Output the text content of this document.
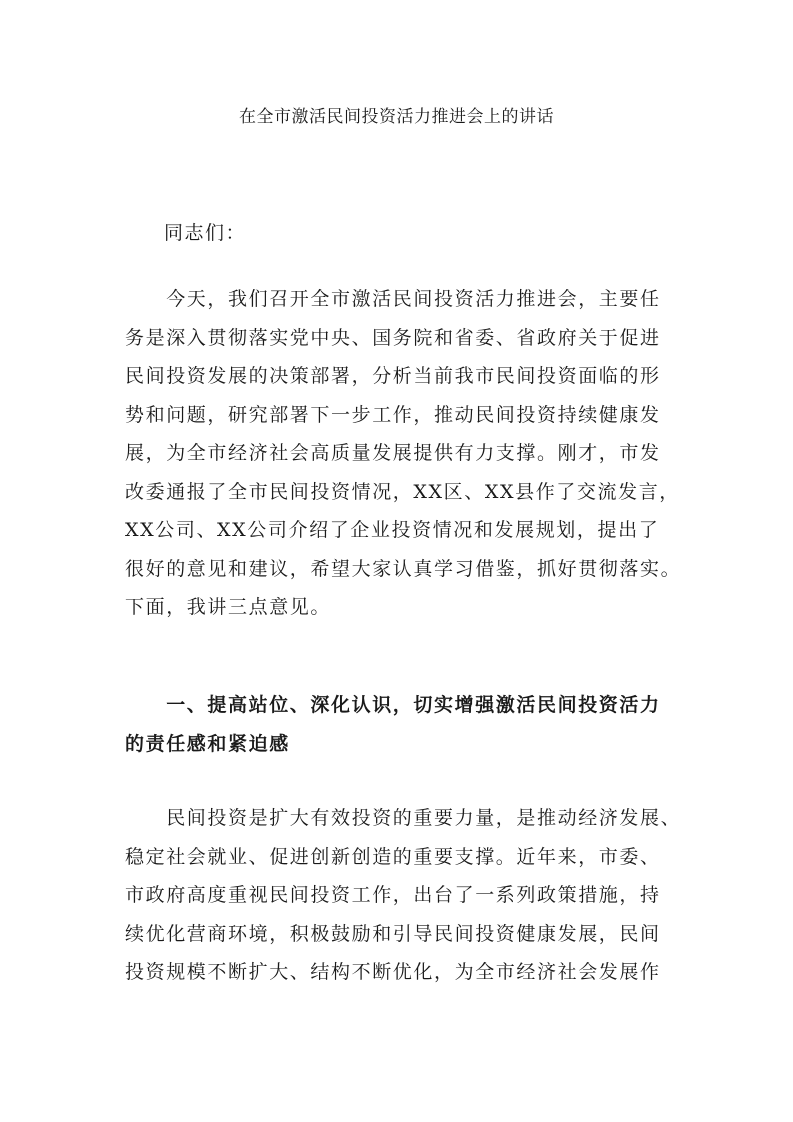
在全市激活民间投资活力推进会上的讲话
同志们：
　　今天，我们召开全市激活民间投资活力推进会，主要任
务是深入贯彻落实党中央、国务院和省委、省政府关于促进
民间投资发展的决策部署，分析当前我市民间投资面临的形
势和问题，研究部署下一步工作，推动民间投资持续健康发
展，为全市经济社会高质量发展提供有力支撑。刚才，市发
改委通报了全市民间投资情况，XX区、XX县作了交流发言，
XX公司、XX公司介绍了企业投资情况和发展规划，提出了
很好的意见和建议，希望大家认真学习借鉴，抓好贯彻落实。
下面，我讲三点意见。
　　一、提高站位、深化认识，切实增强激活民间投资活力
的责任感和紧迫感
　　民间投资是扩大有效投资的重要力量，是推动经济发展、
稳定社会就业、促进创新创造的重要支撑。近年来，市委、
市政府高度重视民间投资工作，出台了一系列政策措施，持
续优化营商环境，积极鼓励和引导民间投资健康发展，民间
投资规模不断扩大、结构不断优化，为全市经济社会发展作
